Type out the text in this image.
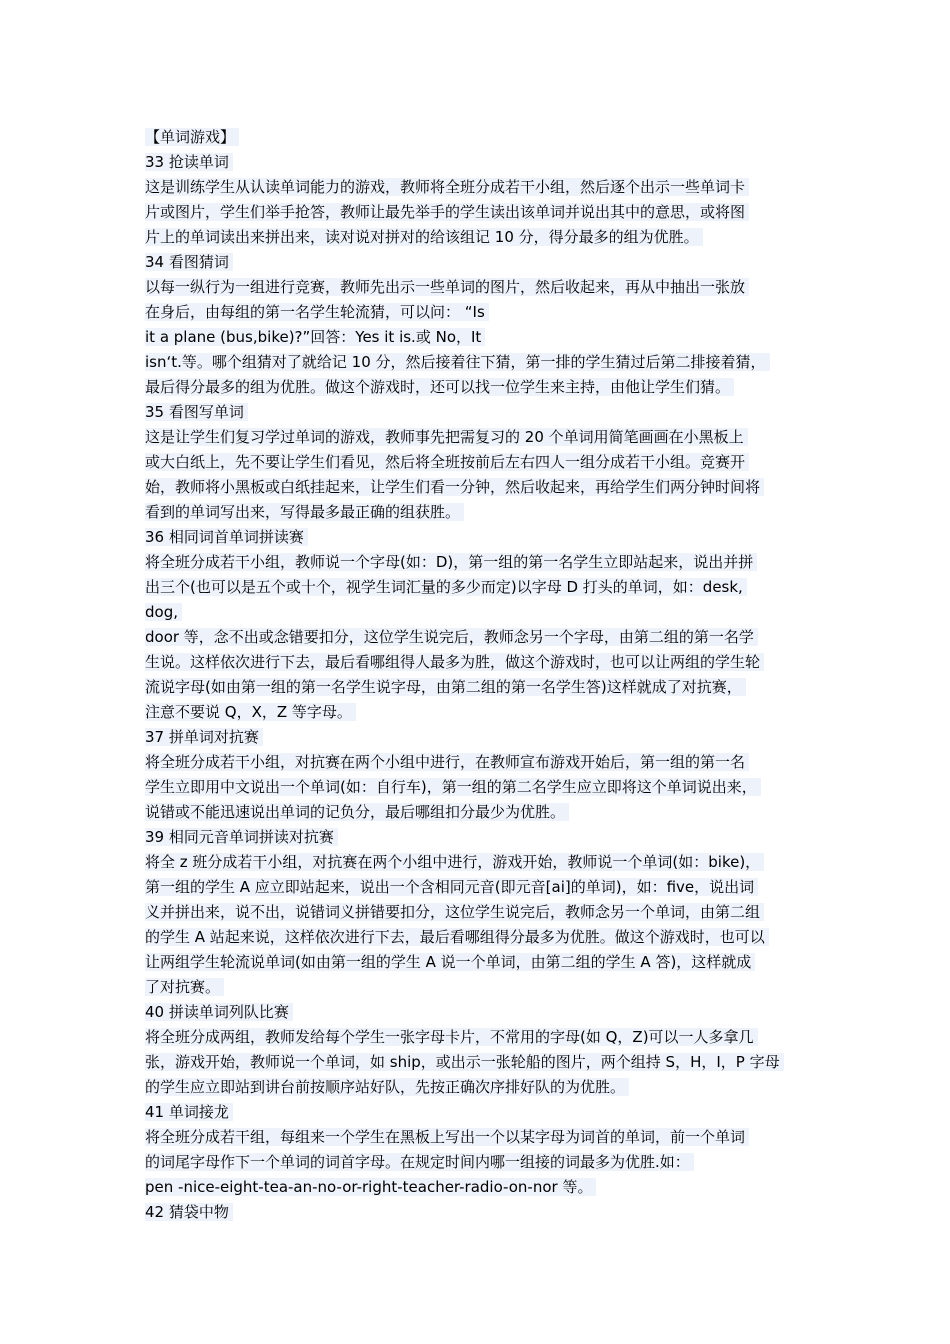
【单词游戏】
33 抢读单词
这是训练学生从认读单词能力的游戏，教师将全班分成若干小组，然后逐个出示一些单词卡
片或图片，学生们举手抢答，教师让最先举手的学生读出该单词并说出其中的意思，或将图
片上的单词读出来拼出来，读对说对拼对的给该组记 10 分，得分最多的组为优胜。
34 看图猜词
以每一纵行为一组进行竞赛，教师先出示一些单词的图片，然后收起来，再从中抽出一张放
在身后，由每组的第一名学生轮流猜，可以问： “Is
it a plane (bus,bike)?”回答：Yes it is.或 No，It
isn‘t.等。哪个组猜对了就给记 10 分，然后接着往下猜，第一排的学生猜过后第二排接着猜，
最后得分最多的组为优胜。做这个游戏时，还可以找一位学生来主持，由他让学生们猜。
35 看图写单词
这是让学生们复习学过单词的游戏，教师事先把需复习的 20 个单词用简笔画画在小黑板上
或大白纸上，先不要让学生们看见，然后将全班按前后左右四人一组分成若干小组。竞赛开
始，教师将小黑板或白纸挂起来，让学生们看一分钟，然后收起来，再给学生们两分钟时间将
看到的单词写出来，写得最多最正确的组获胜。
36 相同词首单词拼读赛
将全班分成若干小组，教师说一个字母(如：D)，第一组的第一名学生立即站起来，说出并拼
出三个(也可以是五个或十个，视学生词汇量的多少而定)以字母 D 打头的单词，如：desk,
dog,
door 等，念不出或念错要扣分，这位学生说完后，教师念另一个字母，由第二组的第一名学
生说。这样依次进行下去，最后看哪组得人最多为胜，做这个游戏时，也可以让两组的学生轮
流说字母(如由第一组的第一名学生说字母，由第二组的第一名学生答)这样就成了对抗赛，
注意不要说 Q，X，Z 等字母。
37 拼单词对抗赛
将全班分成若干小组，对抗赛在两个小组中进行，在教师宣布游戏开始后，第一组的第一名
学生立即用中文说出一个单词(如：自行车)，第一组的第二名学生应立即将这个单词说出来，
说错或不能迅速说出单词的记负分，最后哪组扣分最少为优胜。
39 相同元音单词拼读对抗赛
将全 z 班分成若干小组，对抗赛在两个小组中进行，游戏开始，教师说一个单词(如：bike)，
第一组的学生 A 应立即站起来，说出一个含相同元音(即元音[ai]的单词)，如：five，说出词
义并拼出来，说不出，说错词义拼错要扣分，这位学生说完后，教师念另一个单词，由第二组
的学生 A 站起来说，这样依次进行下去，最后看哪组得分最多为优胜。做这个游戏时，也可以
让两组学生轮流说单词(如由第一组的学生 A 说一个单词，由第二组的学生 A 答)，这样就成
了对抗赛。
40 拼读单词列队比赛
将全班分成两组，教师发给每个学生一张字母卡片，不常用的字母(如 Q，Z)可以一人多拿几
张，游戏开始，教师说一个单词，如 ship，或出示一张轮船的图片，两个组持 S，H，I，P 字母
的学生应立即站到讲台前按顺序站好队，先按正确次序排好队的为优胜。
41 单词接龙
将全班分成若干组，每组来一个学生在黑板上写出一个以某字母为词首的单词，前一个单词
的词尾字母作下一个单词的词首字母。在规定时间内哪一组接的词最多为优胜.如：
pen -nice-eight-tea-an-no-or-right-teacher-radio-on-nor 等。
42 猜袋中物
